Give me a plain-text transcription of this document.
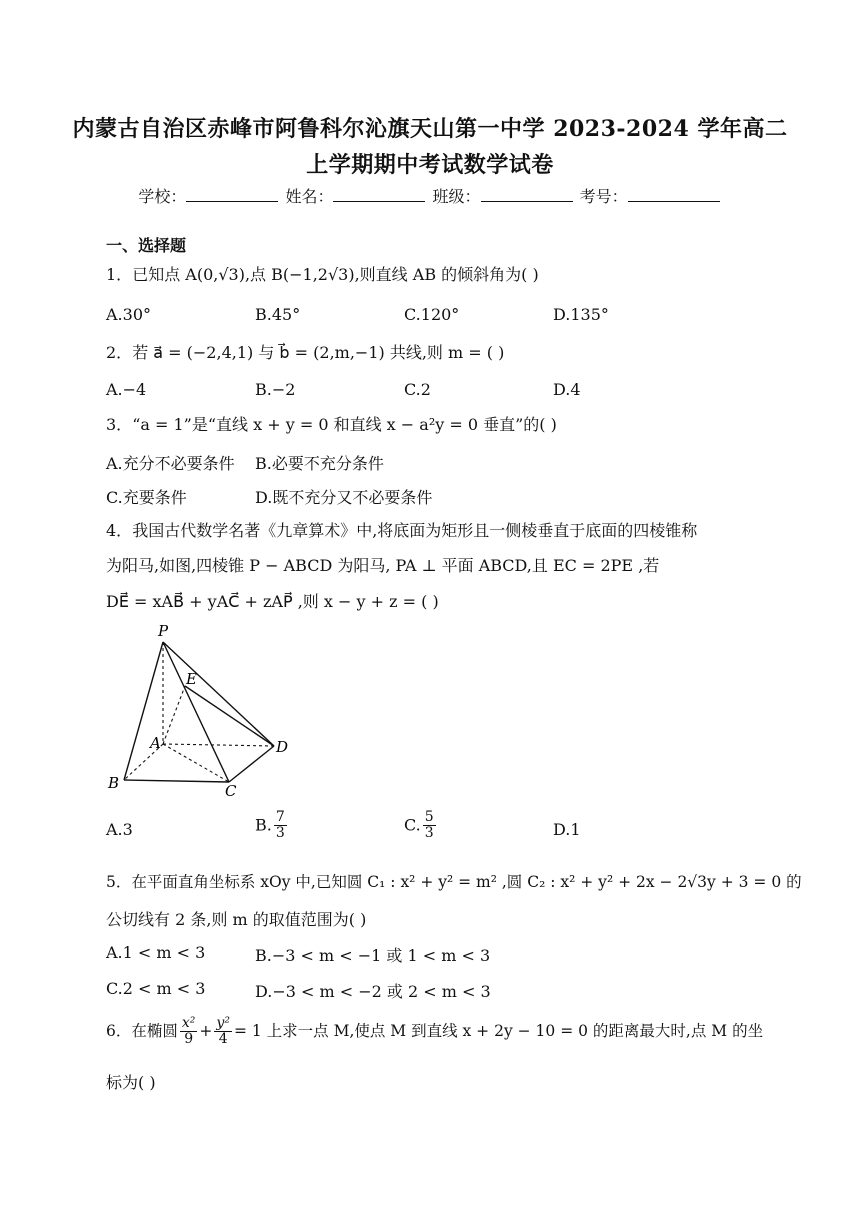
内蒙古自治区赤峰市阿鲁科尔沁旗天山第一中学 2023-2024 学年高二
上学期期中考试数学试卷
学校：	姓名：	班级：	考号：
一、选择题
1．已知点 A(0,√3),点 B(−1,2√3),则直线 AB 的倾斜角为( )
A.30°	B.45°	C.120°	D.135°
2．若 a⃗ = (−2,4,1) 与 b⃗ = (2,m,−1) 共线,则 m = ( )
A.−4	B.−2	C.2	D.4
3．“a = 1”是“直线 x + y = 0 和直线 x − a²y = 0 垂直”的( )
A.充分不必要条件 B.必要不充分条件
C.充要条件	D.既不充分又不必要条件
4．我国古代数学名著《九章算术》中,将底面为矩形且一侧棱垂直于底面的四棱锥称
为阳马,如图,四棱锥 P − ABCD 为阳马, PA ⊥ 平面 ABCD,且 EC = 2PE ,若
DE⃗ = xAB⃗ + yAC⃗ + zAP⃗ ,则 x − y + z = ( )
P
E
A	D
B	C
A.3	B. $\frac{7}{3}$	C. $\frac{5}{3}$	D.1
5．在平面直角坐标系 xOy 中,已知圆 C₁ : x² + y² = m² ,圆 C₂ : x² + y² + 2x − 2√3y + 3 = 0 的
公切线有 2 条,则 m 的取值范围为( )
A.1 < m < 3	B.−3 < m < −1 或 1 < m < 3
C.2 < m < 3	D.−3 < m < −2 或 2 < m < 3
6．在椭圆 $\frac{\text{x²}}{9} + \frac{\text{y²}}{4} = 1$ 上求一点 M,使点 M 到直线 x + 2y − 10 = 0 的距离最大时,点 M 的坐
标为( )
